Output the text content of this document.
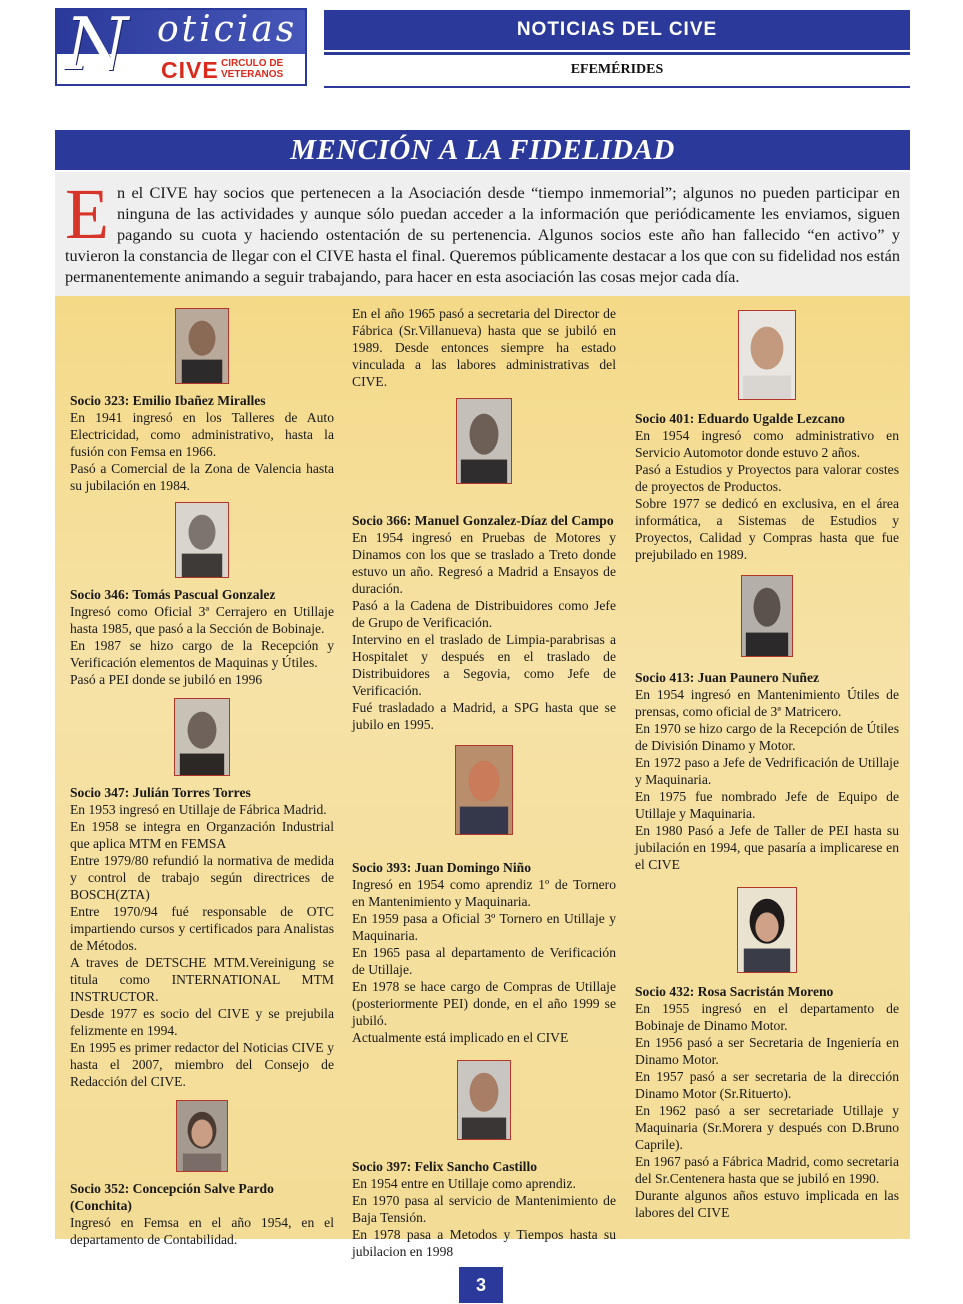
N oticias
CIVE CIRCULO DE
VETERANOS
NOTICIAS DEL CIVE
EFEMÉRIDES
MENCIÓN A LA FIDELIDAD
E n el CIVE hay socios que pertenecen a la Asociación desde “tiempo inmemorial”; algunos no pueden participar en ninguna de las actividades y aunque sólo puedan acceder a la información que periódicamente les enviamos, siguen pagando su cuota y haciendo ostentación de su pertenencia. Algunos socios este año han fallecido “en activo” y tuvieron la constancia de llegar con el CIVE hasta el final. Queremos públicamente destacar a los que con su fidelidad nos están permanentemente animando a seguir trabajando, para hacer en esta asociación las cosas mejor cada día.
Socio 323: Emilio Ibañez Miralles

En 1941 ingresó en los Talleres de Auto Electricidad, como administrativo, hasta la fusión con Femsa en 1966.

Pasó a Comercial de la Zona de Valencia hasta su jubilación en 1984.

Socio 346: Tomás Pascual Gonzalez

Ingresó como Oficial 3ª Cerrajero en Utillaje hasta 1985, que pasó a la Sección de Bobinaje.

En 1987 se hizo cargo de la Recepción y Verificación elementos de Maquinas y Útiles.

Pasó a PEI donde se jubiló en 1996

Socio 347: Julián Torres Torres

En 1953 ingresó en Utillaje de Fábrica Madrid.

En 1958 se integra en Organzación Industrial que aplica MTM en FEMSA

Entre 1979/80 refundió la normativa de medida y control de trabajo según directrices de BOSCH(ZTA)

Entre 1970/94 fué responsable de OTC impartiendo cursos y certificados para Analistas de Métodos.

A traves de DETSCHE MTM.Vereinigung se titula como INTERNATIONAL MTM INSTRUCTOR.

Desde 1977 es socio del CIVE y se prejubila felizmente en 1994.

En 1995 es primer redactor del Noticias CIVE y hasta el 2007, miembro del Consejo de Redacción del CIVE.

Socio 352: Concepción Salve Pardo (Conchita)

Ingresó en Femsa en el año 1954, en el departamento de Contabilidad.

En el año 1965 pasó a secretaria del Director de Fábrica (Sr.Villanueva) hasta que se jubiló en 1989. Desde entonces siempre ha estado vinculada a las labores administrativas del CIVE.

Socio 366: Manuel Gonzalez-Díaz del Campo

En 1954 ingresó en Pruebas de Motores y Dinamos con los que se traslado a Treto donde estuvo un año. Regresó a Madrid a Ensayos de duración.

Pasó a la Cadena de Distribuidores como Jefe de Grupo de Verificación.

Intervino en el traslado de Limpia-parabrisas a Hospitalet y después en el traslado de Distribuidores a Segovia, como Jefe de Verificación.

Fué trasladado a Madrid, a SPG hasta que se jubilo en 1995.

Socio 393: Juan Domingo Niño

Ingresó en 1954 como aprendiz 1º de Tornero en Mantenimiento y Maquinaria.

En 1959 pasa a Oficial 3º Tornero en Utillaje y Maquinaria.

En 1965 pasa al departamento de Verificación de Utillaje.

En 1978 se hace cargo de Compras de Utillaje (posteriormente PEI) donde, en el año 1999 se jubiló.

Actualmente está implicado en el CIVE

Socio 397: Felix Sancho Castillo

En 1954 entre en Utillaje como aprendiz.

En 1970 pasa al servicio de Mantenimiento de Baja Tensión.

En 1978 pasa a Metodos y Tiempos hasta su jubilacion en 1998

Socio 401: Eduardo Ugalde Lezcano

En 1954 ingresó como administrativo en Servicio Automotor donde estuvo 2 años.

Pasó a Estudios y Proyectos para valorar costes de proyectos de Productos.

Sobre 1977 se dedicó en exclusiva, en el área informática, a Sistemas de Estudios y Proyectos, Calidad y Compras hasta que fue prejubilado en 1989.

Socio 413: Juan Paunero Nuñez

En 1954 ingresó en Mantenimiento Útiles de prensas, como oficial de 3ª Matricero.

En 1970 se hizo cargo de la Recepción de Útiles de División Dinamo y Motor.

En 1972 paso a Jefe de Vedrificación de Utillaje y Maquinaria.

En 1975 fue nombrado Jefe de Equipo de Utillaje y Maquinaria.

En 1980 Pasó a Jefe de Taller de PEI hasta su jubilación en 1994, que pasaría a implicarese en el CIVE

Socio 432: Rosa Sacristán Moreno

En 1955 ingresó en el departamento de Bobinaje de Dinamo Motor.

En 1956 pasó a ser Secretaria de Ingeniería en Dinamo Motor.

En 1957 pasó a ser secretaria de la dirección Dinamo Motor (Sr.Rituerto).

En 1962 pasó a ser secretariade Utillaje y Maquinaria (Sr.Morera y después con D.Bruno Caprile).

En 1967 pasó a Fábrica Madrid, como secretaria del Sr.Centenera hasta que se jubiló en 1990.

Durante algunos años estuvo implicada en las labores del CIVE

3
